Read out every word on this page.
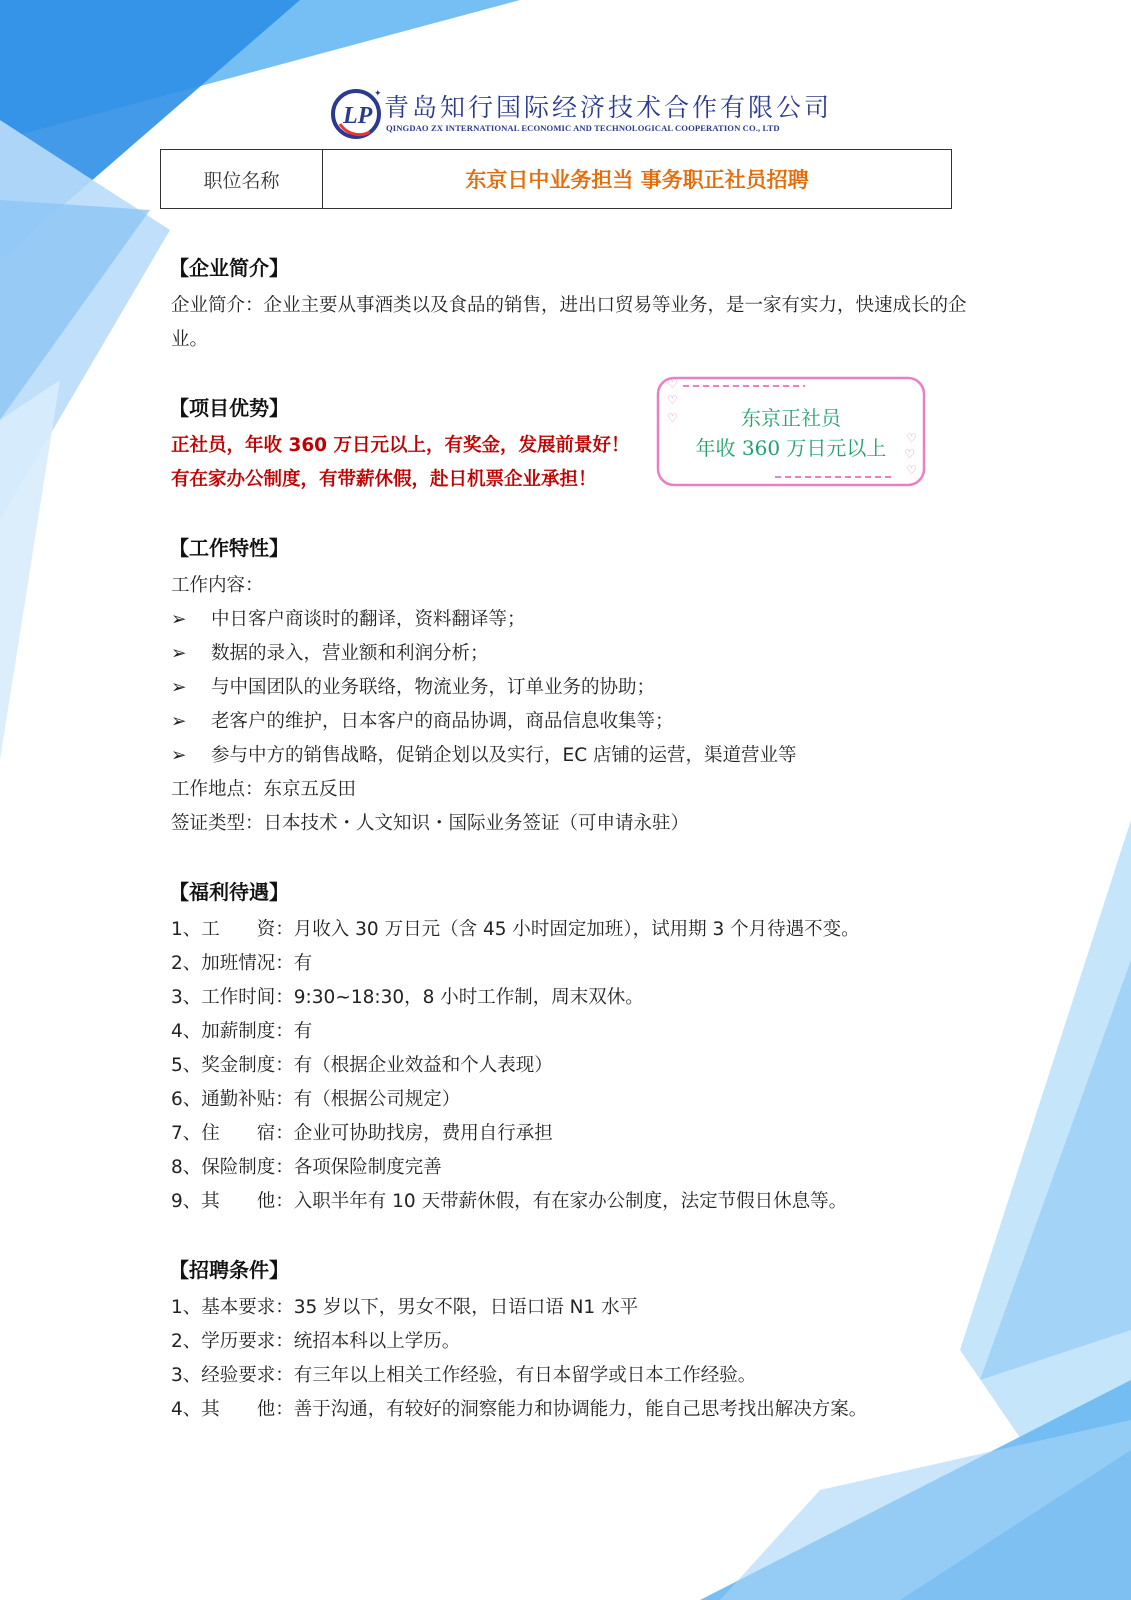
LP
✦ 青岛知行国际经济技术合作有限公司
QINGDAO ZX INTERNATIONAL ECONOMIC AND TECHNOLOGICAL COOPERATION CO., LTD
职位名称	东京日中业务担当 事务职正社员招聘
♡
♡
♡
♡
♡
♡
东京正社员
年收 360 万日元以上
【企业简介】
企业简介：企业主要从事酒类以及食品的销售，进出口贸易等业务，是一家有实力，快速成长的企业。
【项目优势】
正社员，年收 360 万日元以上，有奖金，发展前景好！
有在家办公制度，有带薪休假，赴日机票企业承担！
【工作特性】
工作内容：
➢	中日客户商谈时的翻译，资料翻译等；
➢	数据的录入，营业额和利润分析；
➢	与中国团队的业务联络，物流业务，订单业务的协助；
➢	老客户的维护，日本客户的商品协调，商品信息收集等；
➢	参与中方的销售战略，促销企划以及实行，EC 店铺的运营，渠道营业等
工作地点：东京五反田
签证类型：日本技术・人文知识・国际业务签证（可申请永驻）
【福利待遇】
1、工　　资：月收入 30 万日元（含 45 小时固定加班），试用期 3 个月待遇不变。
2、加班情况：有
3、工作时间：9:30~18:30，8 小时工作制，周末双休。
4、加薪制度：有
5、奖金制度：有（根据企业效益和个人表现）
6、通勤补贴：有（根据公司规定）
7、住　　宿：企业可协助找房，费用自行承担
8、保险制度：各项保险制度完善
9、其　　他：入职半年有 10 天带薪休假，有在家办公制度，法定节假日休息等。
【招聘条件】
1、基本要求：35 岁以下，男女不限，日语口语 N1 水平
2、学历要求：统招本科以上学历。
3、经验要求：有三年以上相关工作经验，有日本留学或日本工作经验。
4、其　　他：善于沟通，有较好的洞察能力和协调能力，能自己思考找出解决方案。
